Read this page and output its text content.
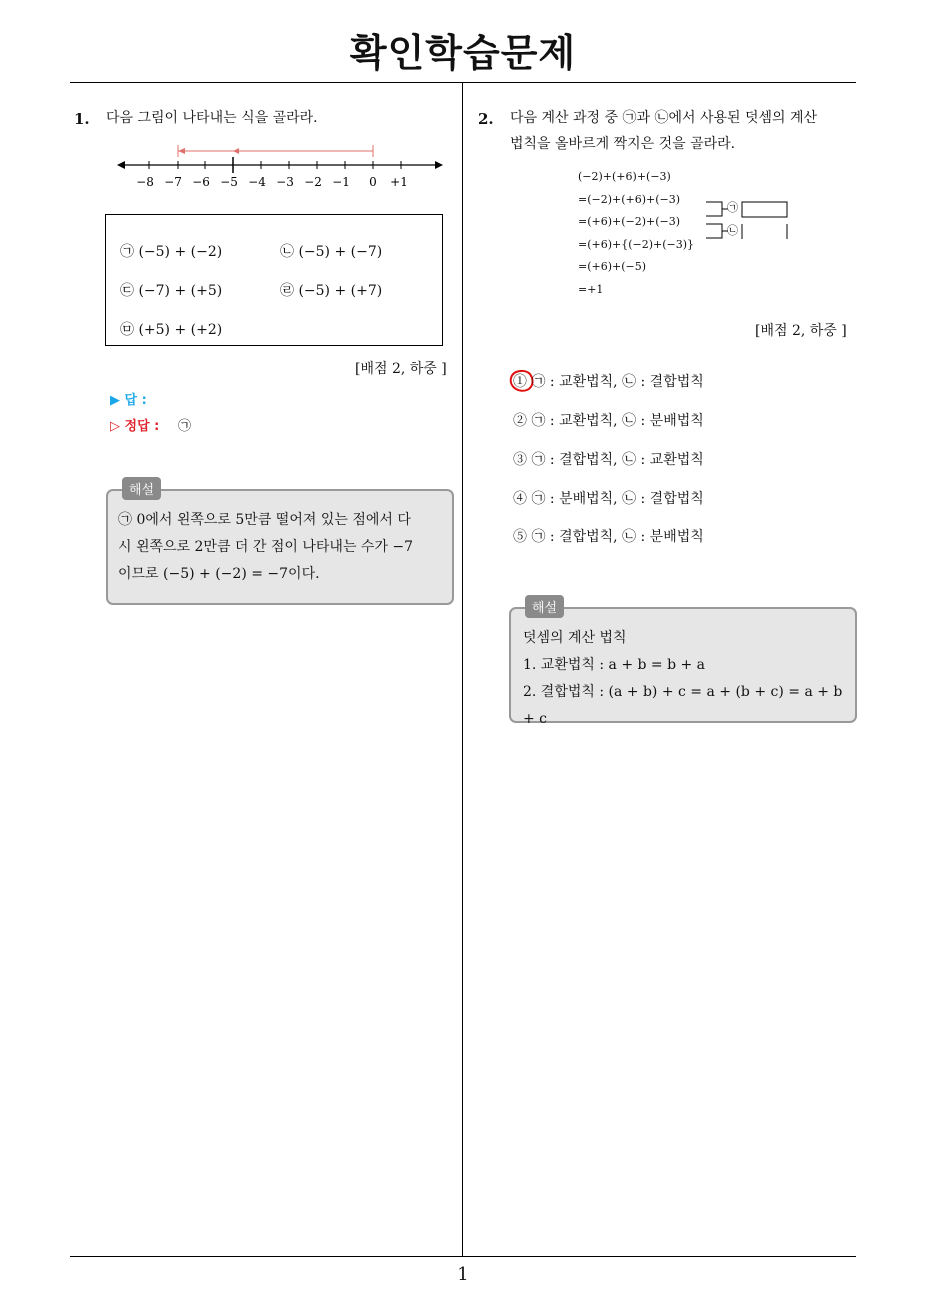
확인학습문제
1. 다음 그림이 나타내는 식을 골라라.
−8 −7 −6 −5 −4 −3 −2 −1 0 +1
㉠ (−5) + (−2)	㉡ (−5) + (−7)
㉢ (−7) + (+5)	㉣ (−5) + (+7)
㉤ (+5) + (+2)
[배점 2, 하중 ]
▶ 답 :
▷ 정답 : ㉠
해설
㉠ 0에서 왼쪽으로 5만큼 떨어져 있는 점에서 다
시 왼쪽으로 2만큼 더 간 점이 나타내는 수가 −7
이므로 (−5) + (−2) = −7이다.
2. 다음 계산 과정 중 ㉠과 ㉡에서 사용된 덧셈의 계산
법칙을 올바르게 짝지은 것을 골라라.
(−2)+(+6)+(−3)
=(−2)+(+6)+(−3)
=(+6)+(−2)+(−3)
=(+6)+{(−2)+(−3)}
=(+6)+(−5)
=+1
㉠
㉡
[배점 2, 하중 ]
① ㉠ : 교환법칙, ㉡ : 결합법칙
② ㉠ : 교환법칙, ㉡ : 분배법칙
③ ㉠ : 결합법칙, ㉡ : 교환법칙
④ ㉠ : 분배법칙, ㉡ : 결합법칙
⑤ ㉠ : 결합법칙, ㉡ : 분배법칙
해설
덧셈의 계산 법칙
1. 교환법칙 : a + b = b + a
2. 결합법칙 : (a + b) + c = a + (b + c) = a + b + c
1
